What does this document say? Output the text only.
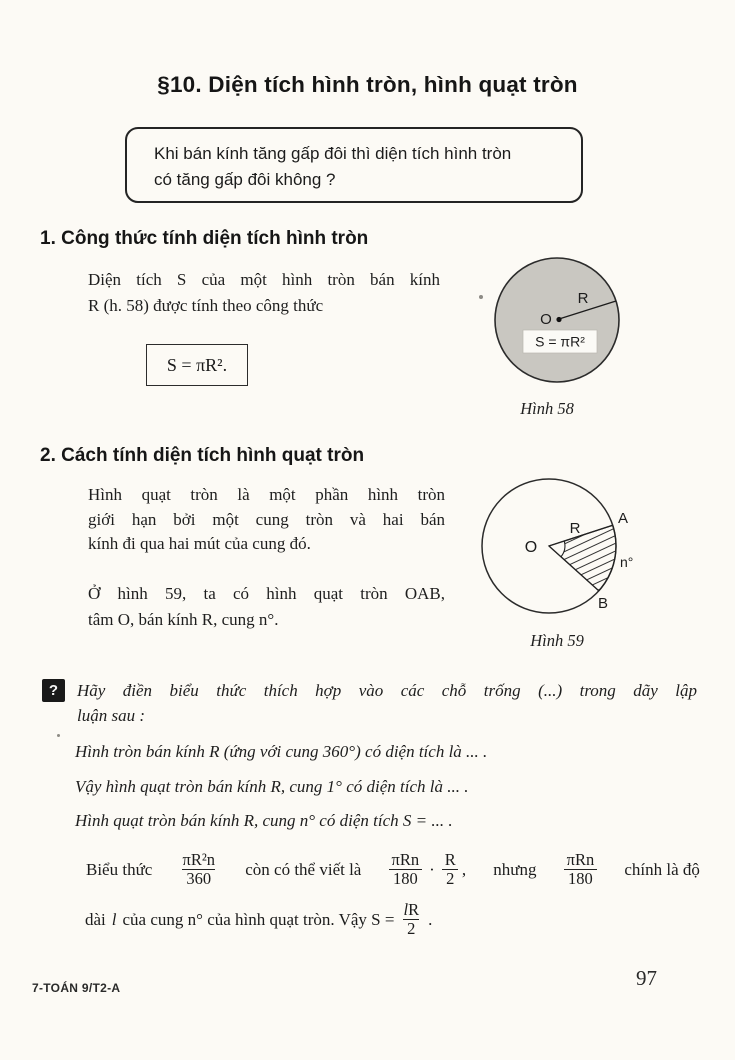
§10. Diện tích hình tròn, hình quạt tròn
Khi bán kính tăng gấp đôi thì diện tích hình tròn
có tăng gấp đôi không ?
1. Công thức tính diện tích hình tròn
Diện tích S của một hình tròn bán kính
R (h. 58) được tính theo công thức
S = πR².
R
O
S = πR²
Hình 58
2. Cách tính diện tích hình quạt tròn
Hình quạt tròn là một phần hình tròn
giới hạn bởi một cung tròn và hai bán
kính đi qua hai mút của cung đó.
Ở hình 59, ta có hình quạt tròn OAB,
tâm O, bán kính R, cung n°.
R
A
n°
B
O
Hình 59
?	Hãy điền biểu thức thích hợp vào các chỗ trống (...) trong dãy lập
luận sau :
Hình tròn bán kính R (ứng với cung 360°) có diện tích là ... .
Vậy hình quạt tròn bán kính R, cung 1° có diện tích là ... .
Hình quạt tròn bán kính R, cung n° có diện tích S = ... .
Biểu thức $\frac{\text{πR²n}}{360}$ còn có thể viết là $\frac{\text{πRn}}{180} \cdot \frac{R}{2}$ , nhưng $\frac{\text{πRn}}{180}$ chính là độ
dài l của cung n° của hình quạt tròn. Vậy $S = \frac{lR}{2}$ .
7-TOÁN 9/T2-A	97
